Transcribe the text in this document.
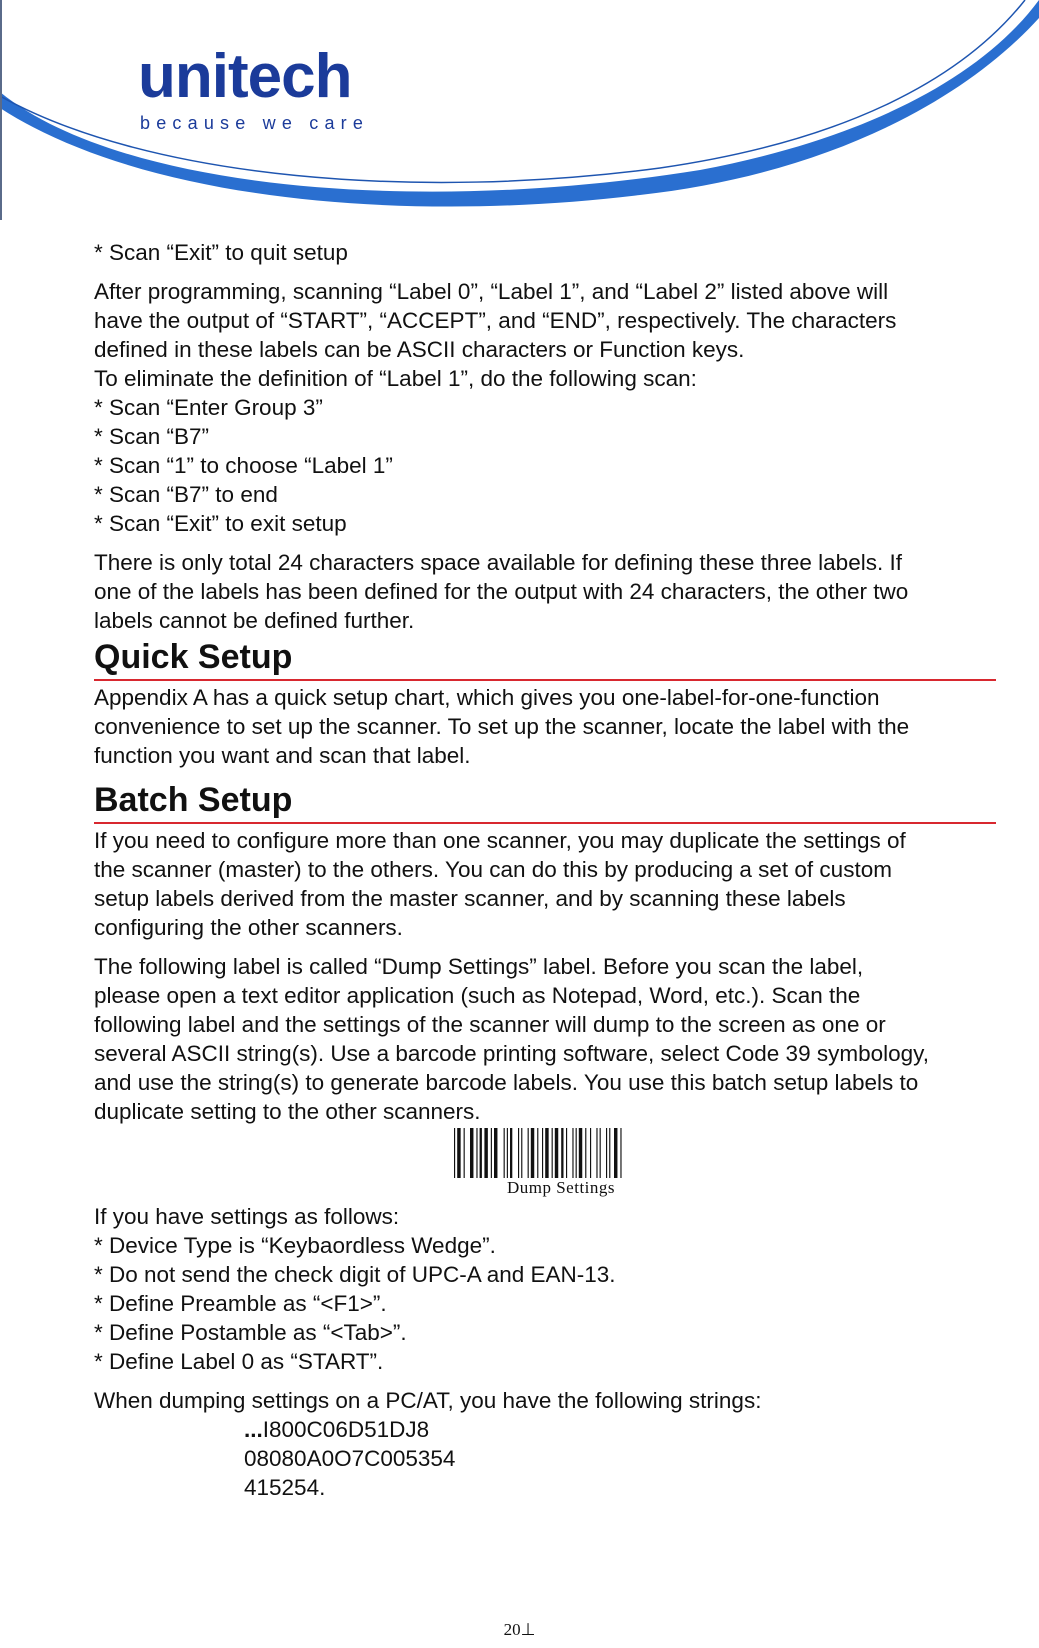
unitech
because we care

* Scan “Exit” to quit setup

After programming, scanning “Label 0”, “Label 1”, and “Label 2” listed above will

have the output of “START”, “ACCEPT”, and “END”, respectively. The characters

defined in these labels can be ASCII characters or Function keys.

To eliminate the definition of “Label 1”, do the following scan:

* Scan “Enter Group 3”

* Scan “B7”

* Scan “1” to choose “Label 1”

* Scan “B7” to end

* Scan “Exit” to exit setup

There is only total 24 characters space available for defining these three labels. If

one of the labels has been defined for the output with 24 characters, the other two

labels cannot be defined further.

Quick Setup

Appendix A has a quick setup chart, which gives you one-label-for-one-function

convenience to set up the scanner. To set up the scanner, locate the label with the

function you want and scan that label.

Batch Setup

If you need to configure more than one scanner, you may duplicate the settings of

the scanner (master) to the others. You can do this by producing a set of custom

setup labels derived from the master scanner, and by scanning these labels

configuring the other scanners.

The following label is called “Dump Settings” label. Before you scan the label,

please open a text editor application (such as Notepad, Word, etc.). Scan the

following label and the settings of the scanner will dump to the screen as one or

several ASCII string(s). Use a barcode printing software, select Code 39 symbology,

and use the string(s) to generate barcode labels. You use this batch setup labels to

duplicate setting to the other scanners.

Dump Settings

If you have settings as follows:

* Device Type is “Keybaordless Wedge”.

* Do not send the check digit of UPC-A and EAN-13.

* Define Preamble as “<F1>”.

* Define Postamble as “<Tab>”.

* Define Label 0 as “START”.

When dumping settings on a PC/AT, you have the following strings:

...I800C06D51DJ8

08080A0O7C005354

415254.

20⊥
